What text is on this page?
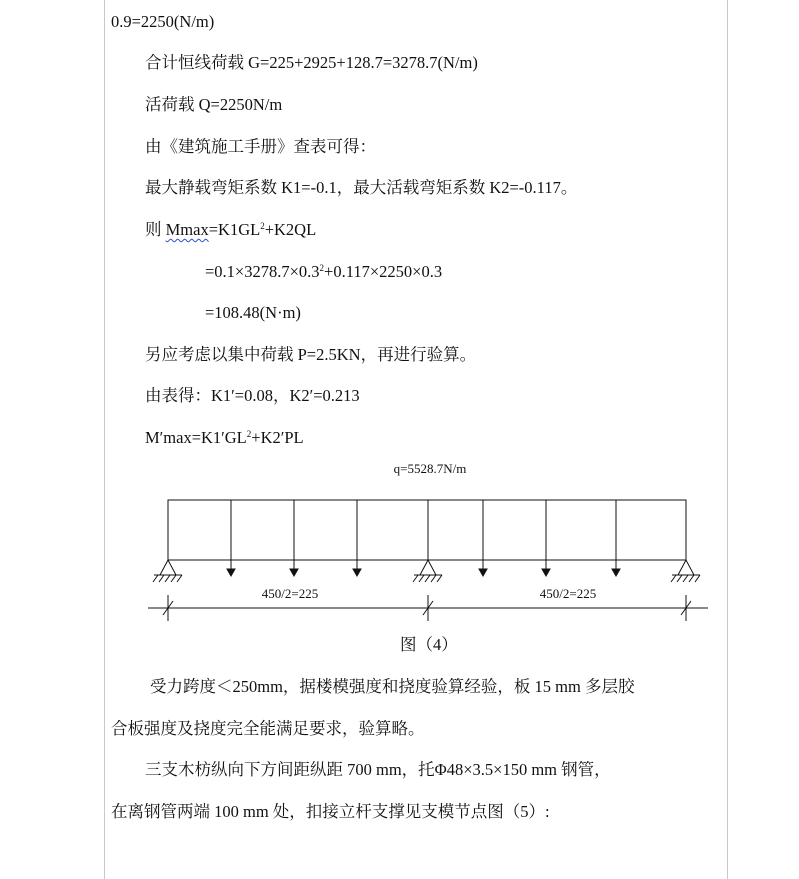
0.9=2250(N/m)
合计恒线荷载 G=225+2925+128.7=3278.7(N/m)
活荷载 Q=2250N/m
由《建筑施工手册》查表可得：
最大静载弯矩系数 K1=-0.1，最大活载弯矩系数 K2=-0.117。
则 $Mmax=K1GL^2+K2QL$
$=0.1\times 3278.7\times 0.3^2+0.117\times 2250\times 0.3$
=108.48(N·m)
另应考虑以集中荷载 P=2.5KN，再进行验算。
由表得：K1′=0.08，K2′=0.213
$M'\max=K1'GL^2+K2'PL$
q=5528.7N/m
450/2=225	450/2=225
图（4）
受力跨度＜250mm，据楼模强度和挠度验算经验，板 15 mm 多层胶
合板强度及挠度完全能满足要求，验算略。
三支木枋纵向下方间距纵距 700 mm，托Φ48×3.5×150 mm 钢管，
在离钢管两端 100 mm 处，扣接立杆支撑见支模节点图（5）:
